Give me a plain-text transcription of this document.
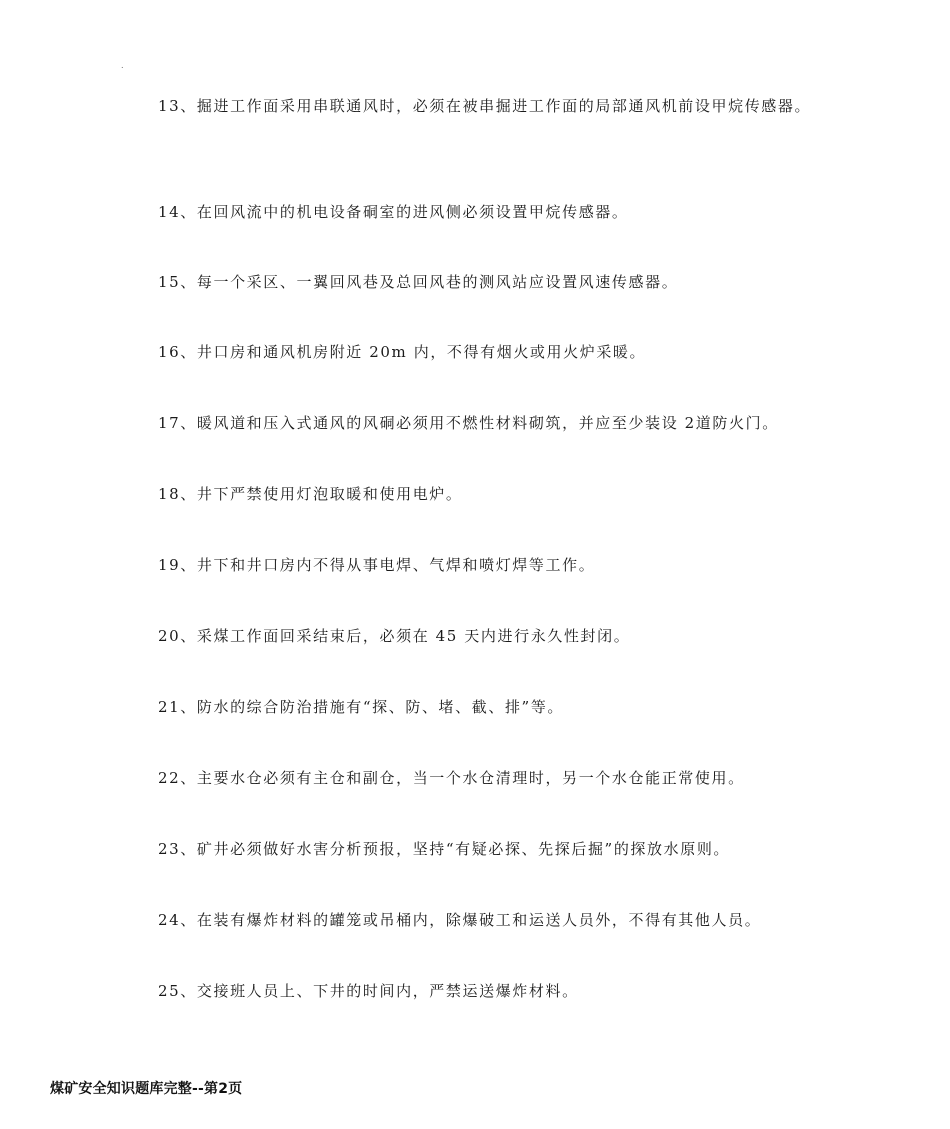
.
13、掘进工作面采用串联通风时，必须在被串掘进工作面的局部通风机前设甲烷传感器。
14、在回风流中的机电设备硐室的进风侧必须设置甲烷传感器。
15、每一个采区、一翼回风巷及总回风巷的测风站应设置风速传感器。
16、井口房和通风机房附近 20m 内，不得有烟火或用火炉采暖。
17、暖风道和压入式通风的风硐必须用不燃性材料砌筑，并应至少装设 2道防火门。
18、井下严禁使用灯泡取暖和使用电炉。
19、井下和井口房内不得从事电焊、气焊和喷灯焊等工作。
20、采煤工作面回采结束后，必须在 45 天内进行永久性封闭。
21、防水的综合防治措施有“探、防、堵、截、排”等。
22、主要水仓必须有主仓和副仓，当一个水仓清理时，另一个水仓能正常使用。
23、矿井必须做好水害分析预报，坚持“有疑必探、先探后掘”的探放水原则。
24、在装有爆炸材料的罐笼或吊桶内，除爆破工和运送人员外，不得有其他人员。
25、交接班人员上、下井的时间内，严禁运送爆炸材料。
煤矿安全知识题库完整--第2页
